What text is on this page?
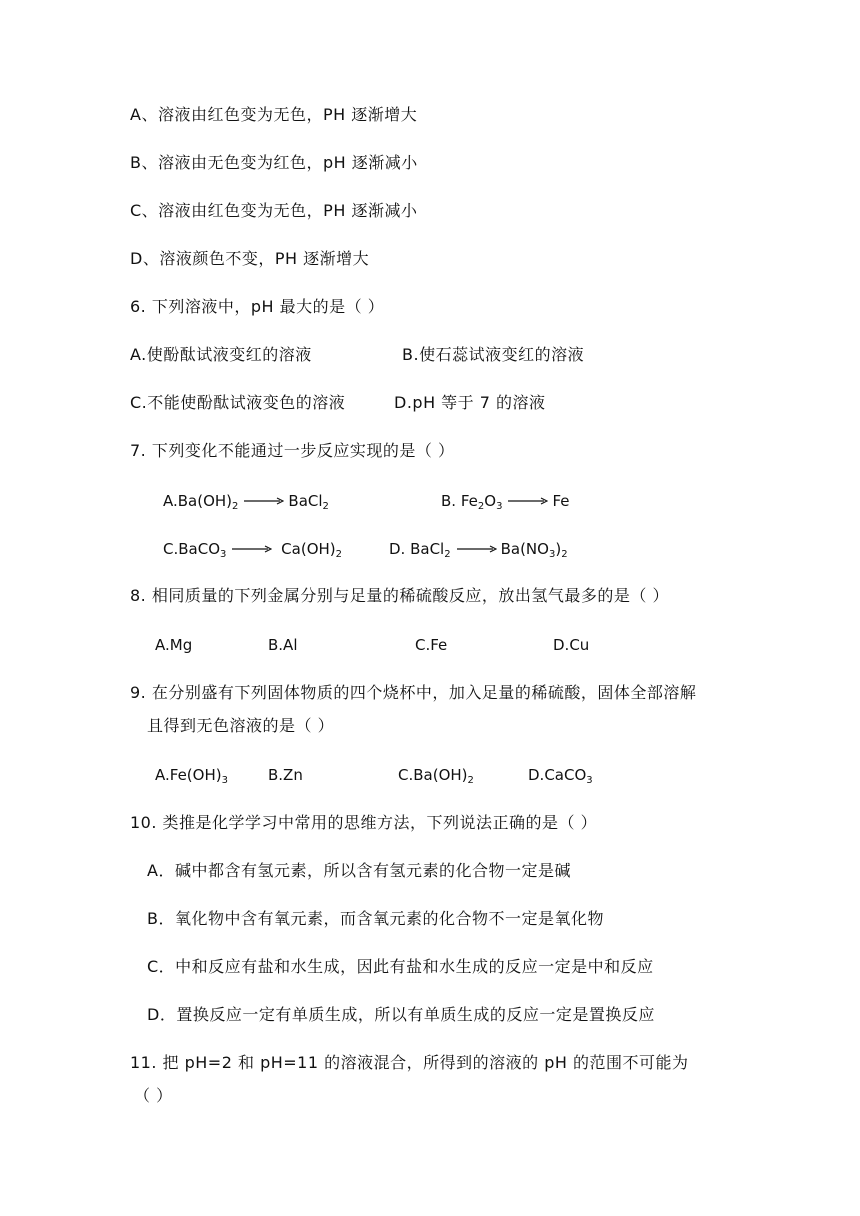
A、溶液由红色变为无色，PH 逐渐增大
B、溶液由无色变为红色，pH 逐渐减小
C、溶液由红色变为无色，PH 逐渐减小
D、溶液颜色不变，PH 逐渐增大
6. 下列溶液中，pH 最大的是（ ）
A.使酚酞试液变红的溶液	B.使石蕊试液变红的溶液
C.不能使酚酞试液变色的溶液	D.pH 等于 7 的溶液
7. 下列变化不能通过一步反应实现的是（ ）
$A.Ba(OH)_2$ → BaCl$_2$	B. $Fe_2O_3 \to Fe$
C.BaCO$_3$ → $Ca(OH)_2$	D. BaCl$_2$ → $Ba(NO_3)_2$
8. 相同质量的下列金属分别与足量的稀硫酸反应，放出氢气最多的是（ ）
A.Mg	B.Al	C.Fe	D.Cu
9. 在分别盛有下列固体物质的四个烧杯中，加入足量的稀硫酸，固体全部溶解
且得到无色溶液的是（ ）
$A.Fe(OH)_3$	B.Zn	$C.Ba(OH)_2$	D.CaCO$_3$
10. 类推是化学学习中常用的思维方法，下列说法正确的是（ ）
A．碱中都含有氢元素，所以含有氢元素的化合物一定是碱
B．氧化物中含有氧元素，而含氧元素的化合物不一定是氧化物
C．中和反应有盐和水生成，因此有盐和水生成的反应一定是中和反应
D．置换反应一定有单质生成，所以有单质生成的反应一定是置换反应
11. 把 pH=2 和 pH=11 的溶液混合，所得到的溶液的 pH 的范围不可能为
（ ）
